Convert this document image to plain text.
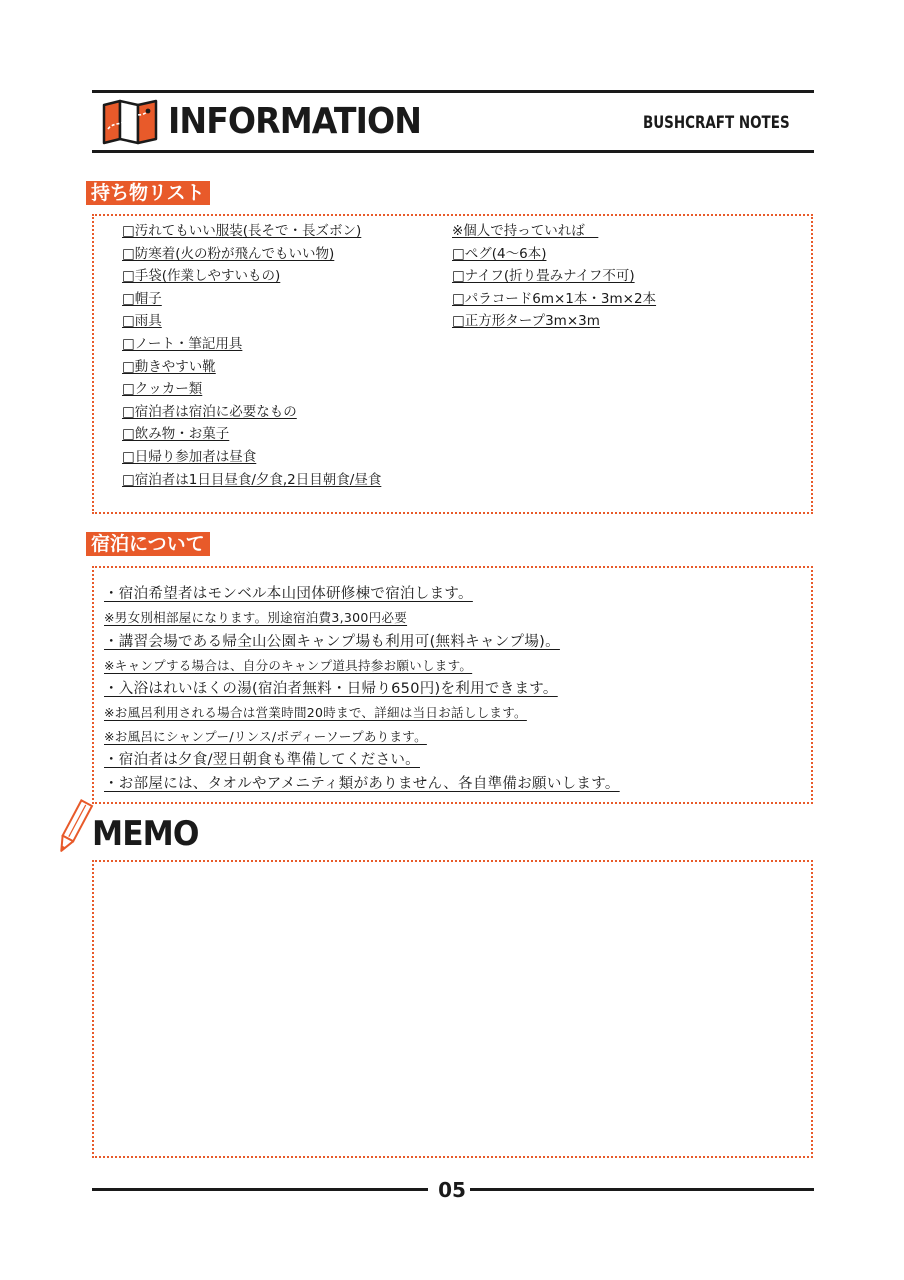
INFORMATION	BUSHCRAFT NOTES
持ち物リスト
□汚れてもいい服装(長そで・長ズボン)
□防寒着(火の粉が飛んでもいい物)
□手袋(作業しやすいもの)
□帽子
□雨具
□ノート・筆記用具
□動きやすい靴
□クッカー類
□宿泊者は宿泊に必要なもの
□飲み物・お菓子
□日帰り参加者は昼食
□宿泊者は1日目昼食/夕食,2日目朝食/昼食
※個人で持っていれば　
□ペグ(4〜6本)
□ナイフ(折り畳みナイフ不可)
□パラコード6m×1本・3m×2本
□正方形タープ3m×3m
宿泊について
・宿泊希望者はモンベル本山団体研修棟で宿泊します。
※男女別相部屋になります。別途宿泊費3,300円必要
・講習会場である帰全山公園キャンプ場も利用可(無料キャンプ場)。
※キャンプする場合は、自分のキャンプ道具持参お願いします。
・入浴はれいほくの湯(宿泊者無料・日帰り650円)を利用できます。
※お風呂利用される場合は営業時間20時まで、詳細は当日お話しします。
※お風呂にシャンプー/リンス/ボディーソープあります。
・宿泊者は夕食/翌日朝食も準備してください。
・お部屋には、タオルやアメニティ類がありません、各自準備お願いします。
MEMO
05
